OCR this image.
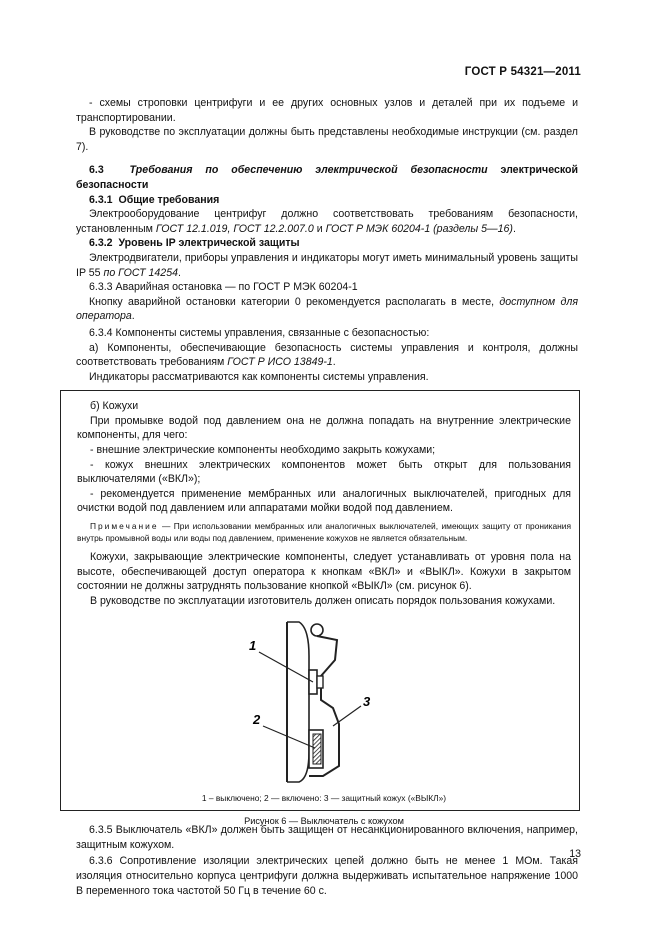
ГОСТ Р 54321—2011

- схемы строповки центрифуги и ее других основных узлов и деталей при их подъеме и транспортировании.

В руководстве по эксплуатации должны быть представлены необходимые инструкции (см. раздел 7).

6.3 Требования по обеспечению электрической безопасности электрической безопасности

6.3.1 Общие требования

Электрооборудование центрифуг должно соответствовать требованиям безопасности, установленным ГОСТ 12.1.019, ГОСТ 12.2.007.0 и ГОСТ Р МЭК 60204-1 (разделы 5—16).

6.3.2 Уровень IP электрической защиты

Электродвигатели, приборы управления и индикаторы могут иметь минимальный уровень защиты IP 55 по ГОСТ 14254.

6.3.3 Аварийная остановка — по ГОСТ Р МЭК 60204-1

Кнопку аварийной остановки категории 0 рекомендуется располагать в месте, доступном для оператора.

6.3.4 Компоненты системы управления, связанные с безопасностью:

а) Компоненты, обеспечивающие безопасность системы управления и контроля, должны соответствовать требованиям ГОСТ Р ИСО 13849-1.

Индикаторы рассматриваются как компоненты системы управления.

б) Кожухи

При промывке водой под давлением она не должна попадать на внутренние электрические компоненты, для чего:

- внешние электрические компоненты необходимо закрыть кожухами;

- кожух внешних электрических компонентов может быть открыт для пользования выключателями («ВКЛ»);

- рекомендуется применение мембранных или аналогичных выключателей, пригодных для очистки водой под давлением или аппаратами мойки водой под давлением.

Примечание — При использовании мембранных или аналогичных выключателей, имеющих защиту от проникания внутрь промывной воды или воды под давлением, применение кожухов не является обязательным.

Кожухи, закрывающие электрические компоненты, следует устанавливать от уровня пола на высоте, обеспечивающей доступ оператора к кнопкам «ВКЛ» и «ВЫКЛ». Кожухи в закрытом состоянии не должны затруднять пользование кнопкой «ВЫКЛ» (см. рисунок 6).

В руководстве по эксплуатации изготовитель должен описать порядок пользования кожухами.

1
2
3
1 – выключено; 2 — включено: 3 — защитный кожух («ВЫКЛ»)
Рисунок 6 — Выключатель с кожухом

6.3.5 Выключатель «ВКЛ» должен быть защищен от несанкционированного включения, например, защитным кожухом.

6.3.6 Сопротивление изоляции электрических цепей должно быть не менее 1 МОм. Такая изоляция относительно корпуса центрифуги должна выдерживать испытательное напряжение 1000 В переменного тока частотой 50 Гц в течение 60 с.

13
